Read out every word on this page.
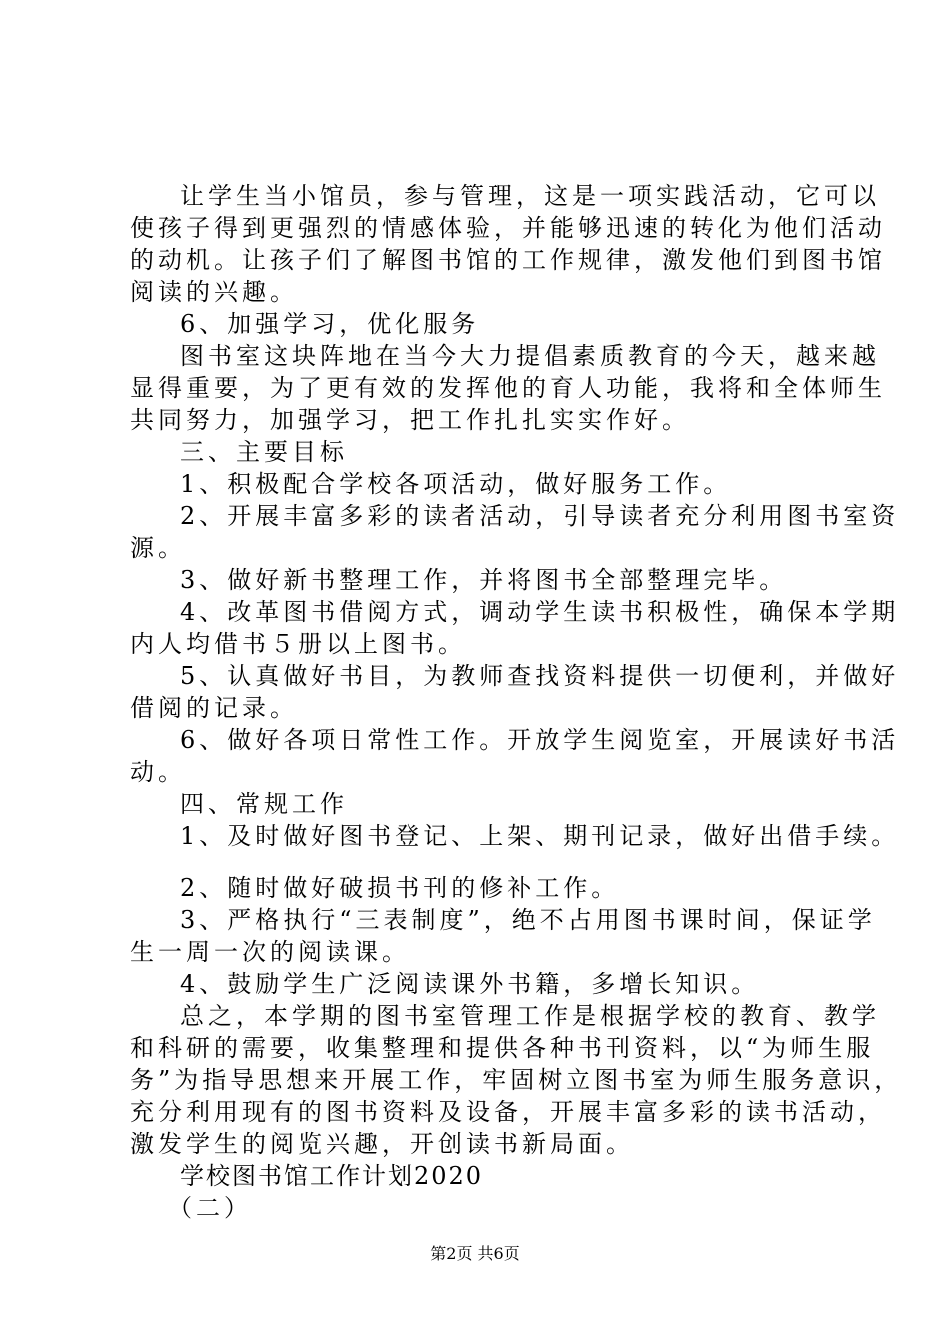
让学生当小馆员，参与管理，这是一项实践活动，它可以
使孩子得到更强烈的情感体验，并能够迅速的转化为他们活动
的动机。让孩子们了解图书馆的工作规律，激发他们到图书馆
阅读的兴趣。
6、加强学习，优化服务
图书室这块阵地在当今大力提倡素质教育的今天，越来越
显得重要，为了更有效的发挥他的育人功能，我将和全体师生
共同努力，加强学习，把工作扎扎实实作好。
三、主要目标
1、积极配合学校各项活动，做好服务工作。
2、开展丰富多彩的读者活动，引导读者充分利用图书室资
源。
3、做好新书整理工作，并将图书全部整理完毕。
4、改革图书借阅方式，调动学生读书积极性，确保本学期
内人均借书５册以上图书。
5、认真做好书目，为教师查找资料提供一切便利，并做好
借阅的记录。
6、做好各项日常性工作。开放学生阅览室，开展读好书活
动。
四、常规工作
1、及时做好图书登记、上架、期刊记录，做好出借手续。
2、随时做好破损书刊的修补工作。
3、严格执行“三表制度”，绝不占用图书课时间，保证学
生一周一次的阅读课。
4、鼓励学生广泛阅读课外书籍，多增长知识。
总之，本学期的图书室管理工作是根据学校的教育、教学
和科研的需要，收集整理和提供各种书刊资料，以“为师生服
务”为指导思想来开展工作，牢固树立图书室为师生服务意识，
充分利用现有的图书资料及设备，开展丰富多彩的读书活动，
激发学生的阅览兴趣，开创读书新局面。
学校图书馆工作计划2020
（二）
第2页 共6页
